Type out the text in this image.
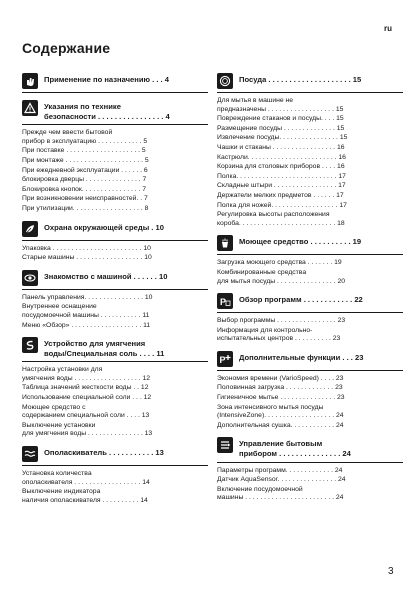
ru
Содержание
Применение по назначению . . . 4
Указания по технике
безопасности . . . . . . . . . . . . . . . . 4
Прежде чем ввести бытовой
прибор в эксплуатацию . . . . . . . . . . . . 5
При поставке . . . . . . . . . . . . . . . . . . . . 5
При монтаже . . . . . . . . . . . . . . . . . . . . . 5
При ежедневной эксплуатации . . . . . . 6
блокировка дверцы . . . . . . . . . . . . . . . 7
Блокировка кнопок. . . . . . . . . . . . . . . . 7
При возникновении неисправностей. . 7
При утилизации. . . . . . . . . . . . . . . . . . . 8
Охрана окружающей среды . 10
Упаковка . . . . . . . . . . . . . . . . . . . . . . . . 10
Старые машины . . . . . . . . . . . . . . . . . . 10
Знакомство с машиной . . . . . . 10
Панель управления. . . . . . . . . . . . . . . . 10
Внутреннее оснащение
посудомоечной машины . . . . . . . . . . . 11
Меню «Обзор» . . . . . . . . . . . . . . . . . . . 11
Устройство для умягчения
воды/Специальная соль . . . . 11
Настройка установки для
умягчения воды . . . . . . . . . . . . . . . . . . 12
Таблица значений жесткости воды . . 12
Использование специальной соли . . . 12
Моющее средство с
содержанием специальной соли . . . . 13
Выключение установки
для умягчения воды . . . . . . . . . . . . . . . 13
Ополаскиватель . . . . . . . . . . . 13
Установка количества
ополаскивателя . . . . . . . . . . . . . . . . . . 14
Выключение индикатора
наличия ополаскивателя . . . . . . . . . . 14
Посуда . . . . . . . . . . . . . . . . . . . . 15
Для мытья в машине не
предназначены . . . . . . . . . . . . . . . . . . 15
Повреждение стаканов и посуды. . . . 15
Размещение посуды . . . . . . . . . . . . . . 15
Извлечение посуды. . . . . . . . . . . . . . . . 15
Чашки и стаканы . . . . . . . . . . . . . . . . . 16
Кастрюли. . . . . . . . . . . . . . . . . . . . . . . . 16
Корзина для столовых приборов . . . . 16
Полка. . . . . . . . . . . . . . . . . . . . . . . . . . . 17
Складные штыри . . . . . . . . . . . . . . . . . 17
Держатели мелких предметов . . . . . . 17
Полка для ножей. . . . . . . . . . . . . . . . . . 17
Регулировка высоты расположения
короба. . . . . . . . . . . . . . . . . . . . . . . . . . 18
Моющее средство . . . . . . . . . . 19
Загрузка моющего средства . . . . . . . 19
Комбинированные средства
для мытья посуды . . . . . . . . . . . . . . . . 20
P Обзор программ . . . . . . . . . . . . 22
Выбор программы . . . . . . . . . . . . . . . . 23
Информация для контрольно-
испытательных центров . . . . . . . . . . 23
P Дополнительные функции . . . 23
Экономия времени (VarioSpeed) . . . . 23
Половинная загрузка . . . . . . . . . . . . . 23
Гигиеничное мытье . . . . . . . . . . . . . . . 23
Зона интенсивного мытья посуды
(IntensiveZone). . . . . . . . . . . . . . . . . . . 24
Дополнительная сушка. . . . . . . . . . . . 24
Управление бытовым
прибором . . . . . . . . . . . . . . . 24
Параметры программ. . . . . . . . . . . . . 24
Датчик AquaSensor. . . . . . . . . . . . . . . . 24
Включение посудомоечной
машины . . . . . . . . . . . . . . . . . . . . . . . . 24
3
